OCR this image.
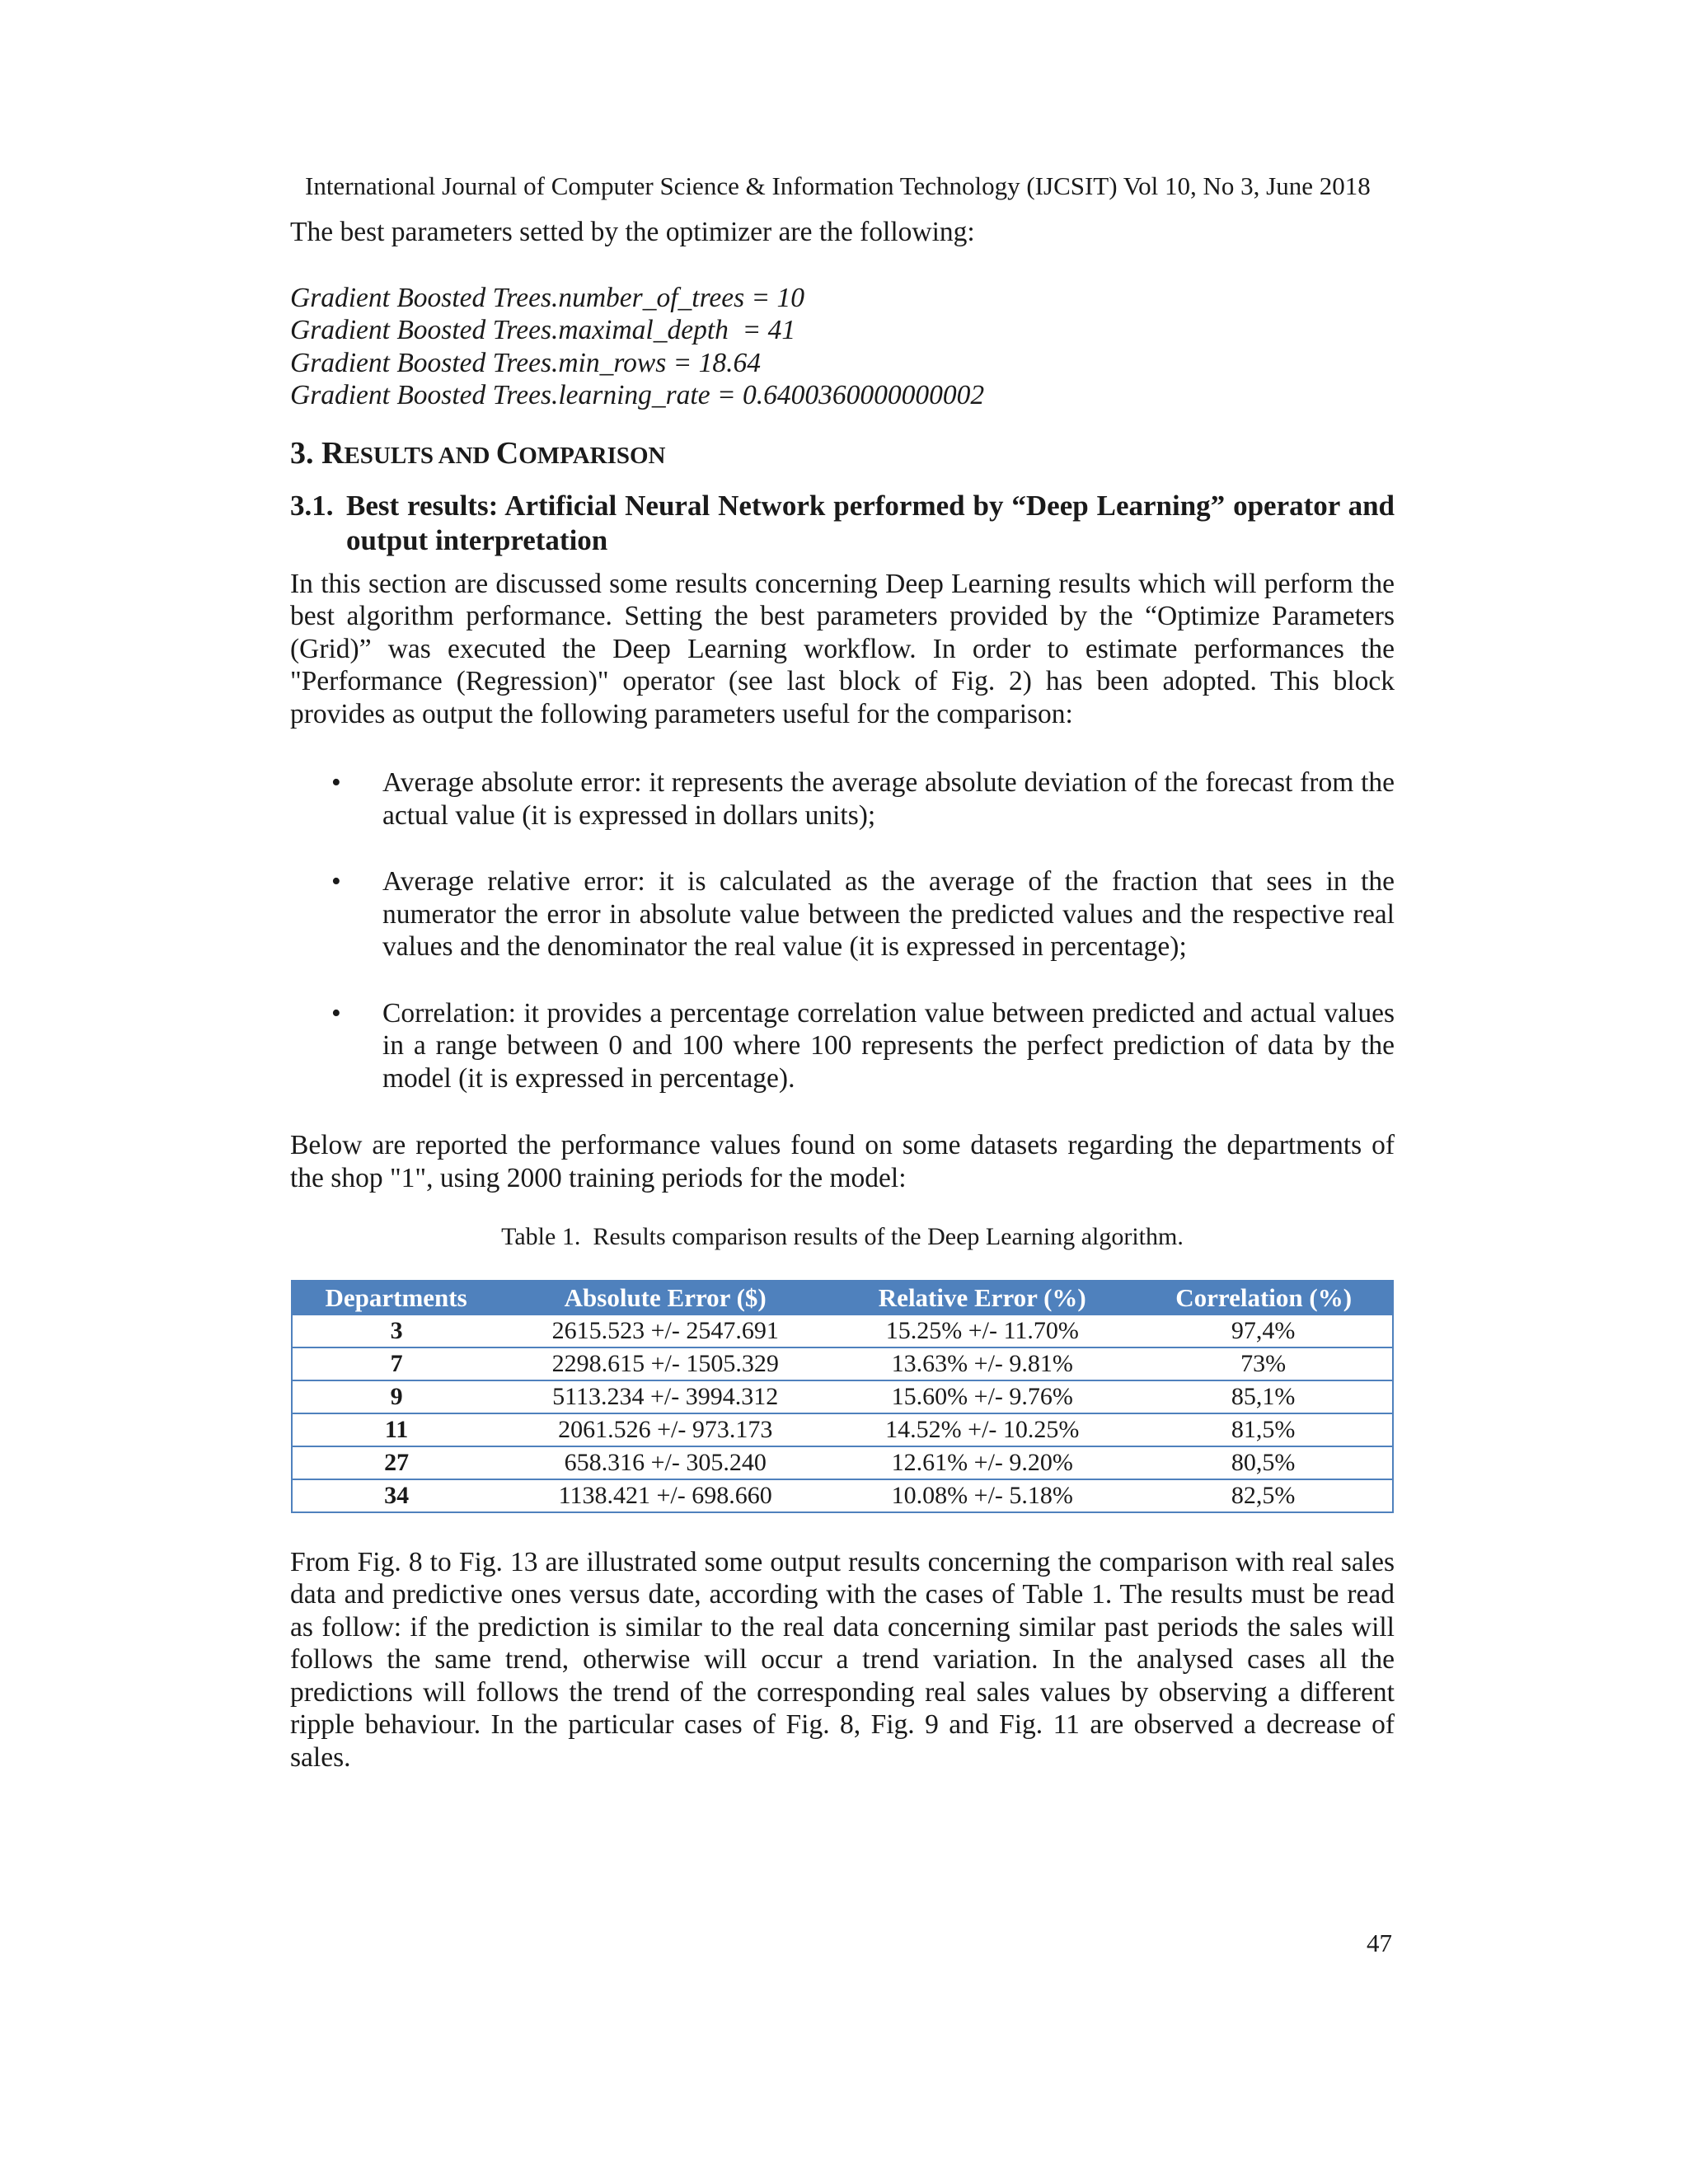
International Journal of Computer Science & Information Technology (IJCSIT) Vol 10, No 3, June 2018

The best parameters setted by the optimizer are the following:

Gradient Boosted Trees.number_of_trees = 10
Gradient Boosted Trees.maximal_depth  = 41
Gradient Boosted Trees.min_rows = 18.64
Gradient Boosted Trees.learning_rate = 0.6400360000000002
3. RESULTS AND COMPARISON
3.1. Best results: Artificial Neural Network performed by “Deep Learning” operator and output interpretation

In this section are discussed some results concerning Deep Learning results which will perform the best algorithm performance. Setting the best parameters provided by the “Optimize Parameters (Grid)” was executed the Deep Learning workflow. In order to estimate performances the "Performance (Regression)" operator (see last block of Fig. 2) has been adopted. This block provides as output the following parameters useful for the comparison:

• Average absolute error: it represents the average absolute deviation of the forecast from the actual value (it is expressed in dollars units);
• Average relative error: it is calculated as the average of the fraction that sees in the numerator the error in absolute value between the predicted values and the respective real values and the denominator the real value (it is expressed in percentage);
• Correlation: it provides a percentage correlation value between predicted and actual values in a range between 0 and 100 where 100 represents the perfect prediction of data by the model (it is expressed in percentage).

Below are reported the performance values found on some datasets regarding the departments of the shop "1", using 2000 training periods for the model:

Table 1.  Results comparison results of the Deep Learning algorithm.
Departments	Absolute Error ($)	Relative Error (%)	Correlation (%)
3	2615.523 +/- 2547.691	15.25% +/- 11.70%	97,4%
7	2298.615 +/- 1505.329	13.63% +/- 9.81%	73%
9	5113.234 +/- 3994.312	15.60% +/- 9.76%	85,1%
11	2061.526 +/- 973.173	14.52% +/- 10.25%	81,5%
27	658.316 +/- 305.240	12.61% +/- 9.20%	80,5%
34	1138.421 +/- 698.660	10.08% +/- 5.18%	82,5%

From Fig. 8 to Fig. 13 are illustrated some output results concerning the comparison with real sales data and predictive ones versus date, according with the cases of Table 1. The results must be read as follow: if the prediction is similar to the real data concerning similar past periods the sales will follows the same trend, otherwise will occur a trend variation. In the analysed cases all the predictions will follows the trend of the corresponding real sales values by observing a different ripple behaviour. In the particular cases of Fig. 8, Fig. 9 and Fig. 11 are observed a decrease of sales.

47
